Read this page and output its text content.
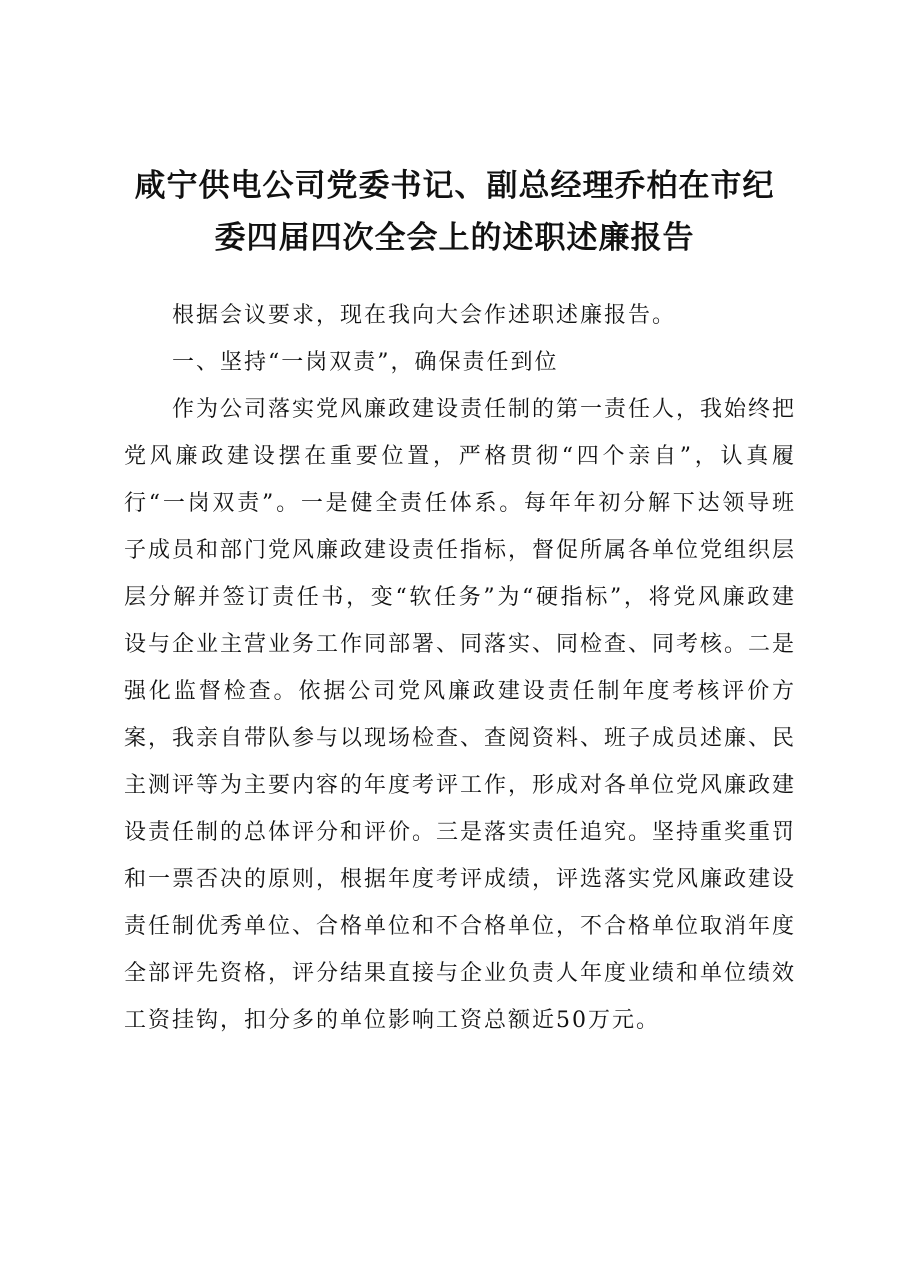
咸宁供电公司党委书记、副总经理乔柏在市纪
委四届四次全会上的述职述廉报告

根据会议要求，现在我向大会作述职述廉报告。

一、坚持“一岗双责”，确保责任到位

作为公司落实党风廉政建设责任制的第一责任人，我始终把党风廉政建设摆在重要位置，严格贯彻“四个亲自”，认真履行“一岗双责”。一是健全责任体系。每年年初分解下达领导班子成员和部门党风廉政建设责任指标，督促所属各单位党组织层层分解并签订责任书，变“软任务”为“硬指标”，将党风廉政建设与企业主营业务工作同部署、同落实、同检查、同考核。二是强化监督检查。依据公司党风廉政建设责任制年度考核评价方案，我亲自带队参与以现场检查、查阅资料、班子成员述廉、民主测评等为主要内容的年度考评工作，形成对各单位党风廉政建设责任制的总体评分和评价。三是落实责任追究。坚持重奖重罚和一票否决的原则，根据年度考评成绩，评选落实党风廉政建设责任制优秀单位、合格单位和不合格单位，不合格单位取消年度全部评先资格，评分结果直接与企业负责人年度业绩和单位绩效工资挂钩，扣分多的单位影响工资总额近50万元。
